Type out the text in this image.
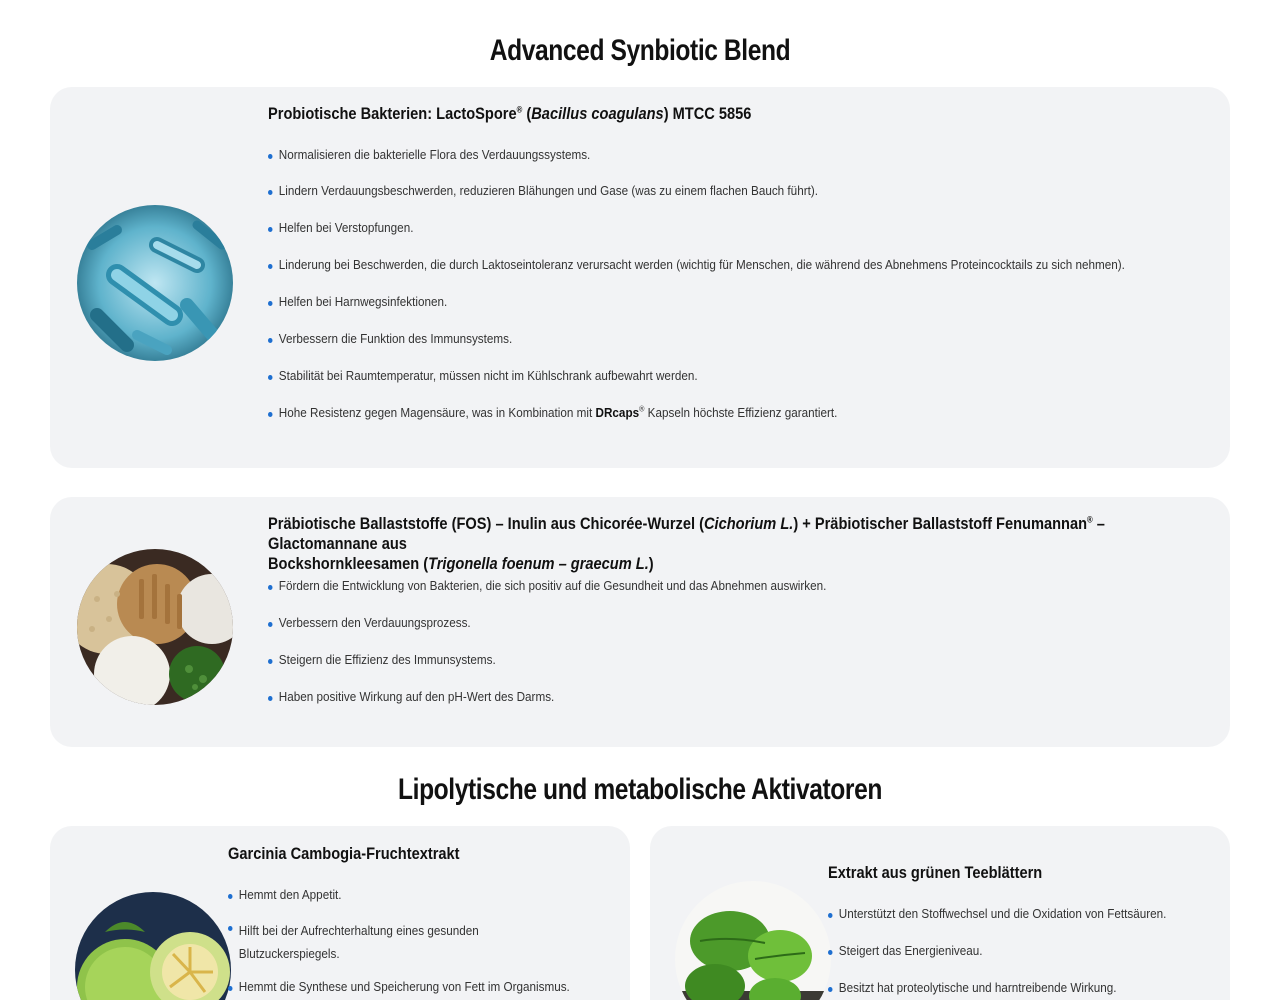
Advanced Synbiotic Blend
Probiotische Bakterien: LactoSpore® (Bacillus coagulans) MTCC 5856
Normalisieren die bakterielle Flora des Verdauungssystems.
Lindern Verdauungsbeschwerden, reduzieren Blähungen und Gase (was zu einem flachen Bauch führt).
Helfen bei Verstopfungen.
Linderung bei Beschwerden, die durch Laktoseintoleranz verursacht werden (wichtig für Menschen, die während des Abnehmens Proteincocktails zu sich nehmen).
Helfen bei Harnwegsinfektionen.
Verbessern die Funktion des Immunsystems.
Stabilität bei Raumtemperatur, müssen nicht im Kühlschrank aufbewahrt werden.
Hohe Resistenz gegen Magensäure, was in Kombination mit DRcaps® Kapseln höchste Effizienz garantiert.
Präbiotische Ballaststoffe (FOS) – Inulin aus Chicorée-Wurzel (Cichorium L.) + Präbiotischer Ballaststoff Fenumannan® – Glactomannane aus
Bockshornkleesamen (Trigonella foenum – graecum L.)
Fördern die Entwicklung von Bakterien, die sich positiv auf die Gesundheit und das Abnehmen auswirken.
Verbessern den Verdauungsprozess.
Steigern die Effizienz des Immunsystems.
Haben positive Wirkung auf den pH-Wert des Darms.
Lipolytische und metabolische Aktivatoren
Garcinia Cambogia-Fruchtextrakt
Hemmt den Appetit.
Hilft bei der Aufrechterhaltung eines gesunden Blutzuckerspiegels.
Hemmt die Synthese und Speicherung von Fett im Organismus.
Extrakt aus grünen Teeblättern
Unterstützt den Stoffwechsel und die Oxidation von Fettsäuren.
Steigert das Energieniveau.
Besitzt hat proteolytische und harntreibende Wirkung.
